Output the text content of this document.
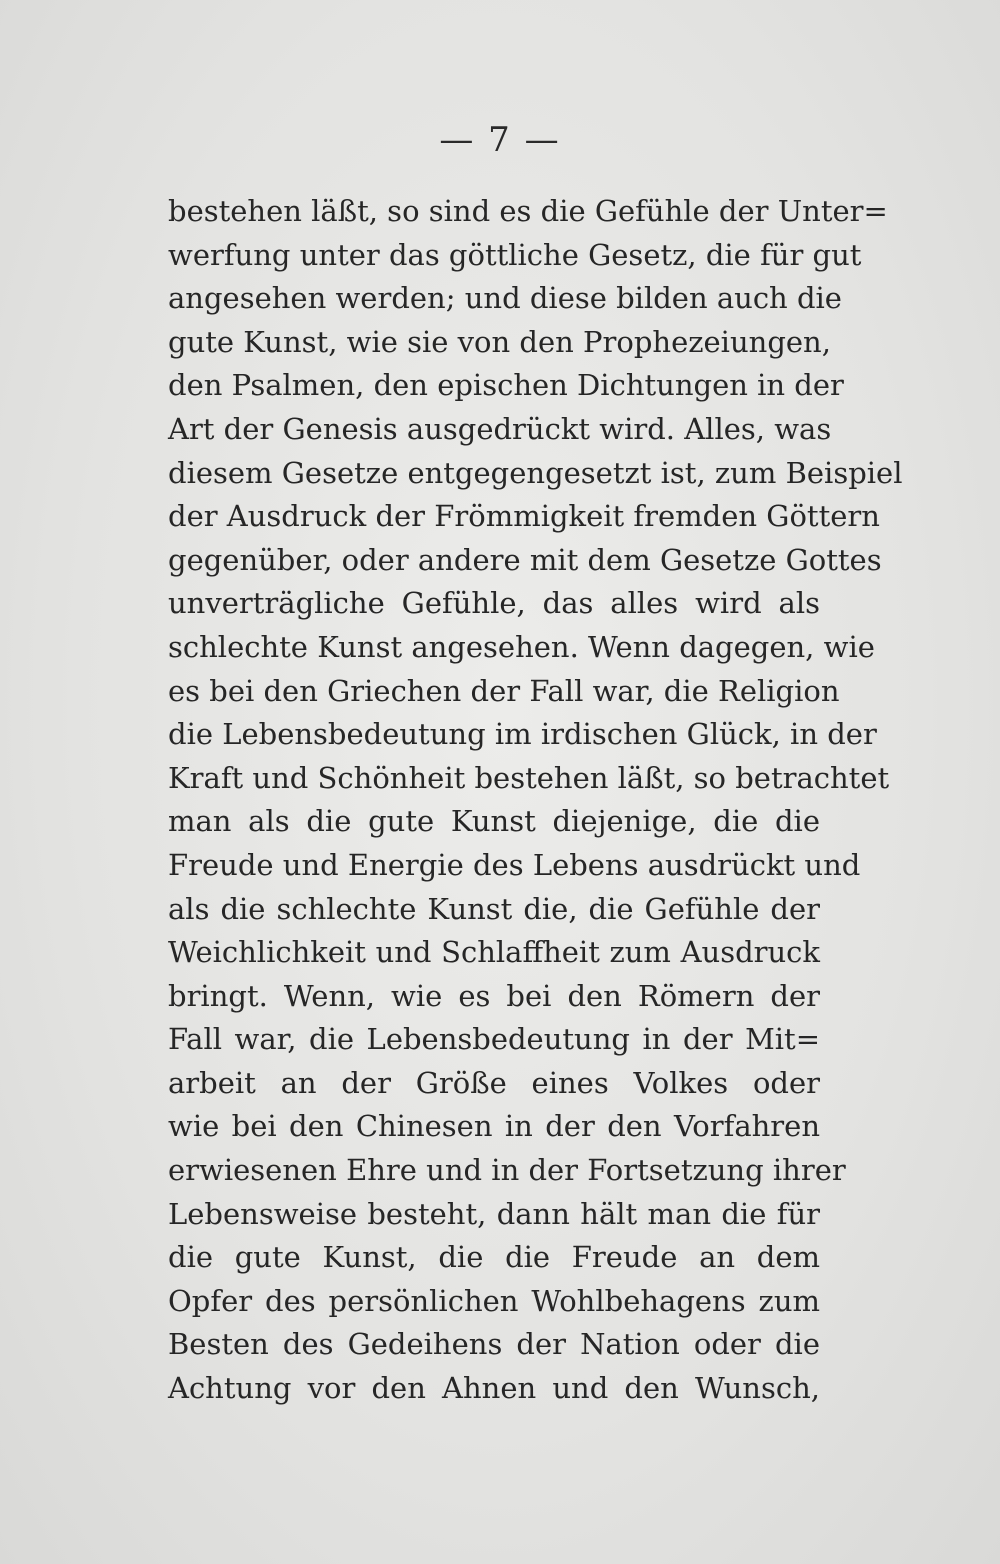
— 7 —
bestehen läßt, so sind es die Gefühle der Unter=
werfung unter das göttliche Gesetz, die für gut
angesehen werden; und diese bilden auch die
gute Kunst, wie sie von den Prophezeiungen,
den Psalmen, den epischen Dichtungen in der
Art der Genesis ausgedrückt wird. Alles, was
diesem Gesetze entgegengesetzt ist, zum Beispiel
der Ausdruck der Frömmigkeit fremden Göttern
gegenüber, oder andere mit dem Gesetze Gottes
unverträgliche Gefühle, das alles wird als
schlechte Kunst angesehen. Wenn dagegen, wie
es bei den Griechen der Fall war, die Religion
die Lebensbedeutung im irdischen Glück, in der
Kraft und Schönheit bestehen läßt, so betrachtet
man als die gute Kunst diejenige, die die
Freude und Energie des Lebens ausdrückt und
als die schlechte Kunst die, die Gefühle der
Weichlichkeit und Schlaffheit zum Ausdruck
bringt. Wenn, wie es bei den Römern der
Fall war, die Lebensbedeutung in der Mit=
arbeit an der Größe eines Volkes oder
wie bei den Chinesen in der den Vorfahren
erwiesenen Ehre und in der Fortsetzung ihrer
Lebensweise besteht, dann hält man die für
die gute Kunst, die die Freude an dem
Opfer des persönlichen Wohlbehagens zum
Besten des Gedeihens der Nation oder die
Achtung vor den Ahnen und den Wunsch,
